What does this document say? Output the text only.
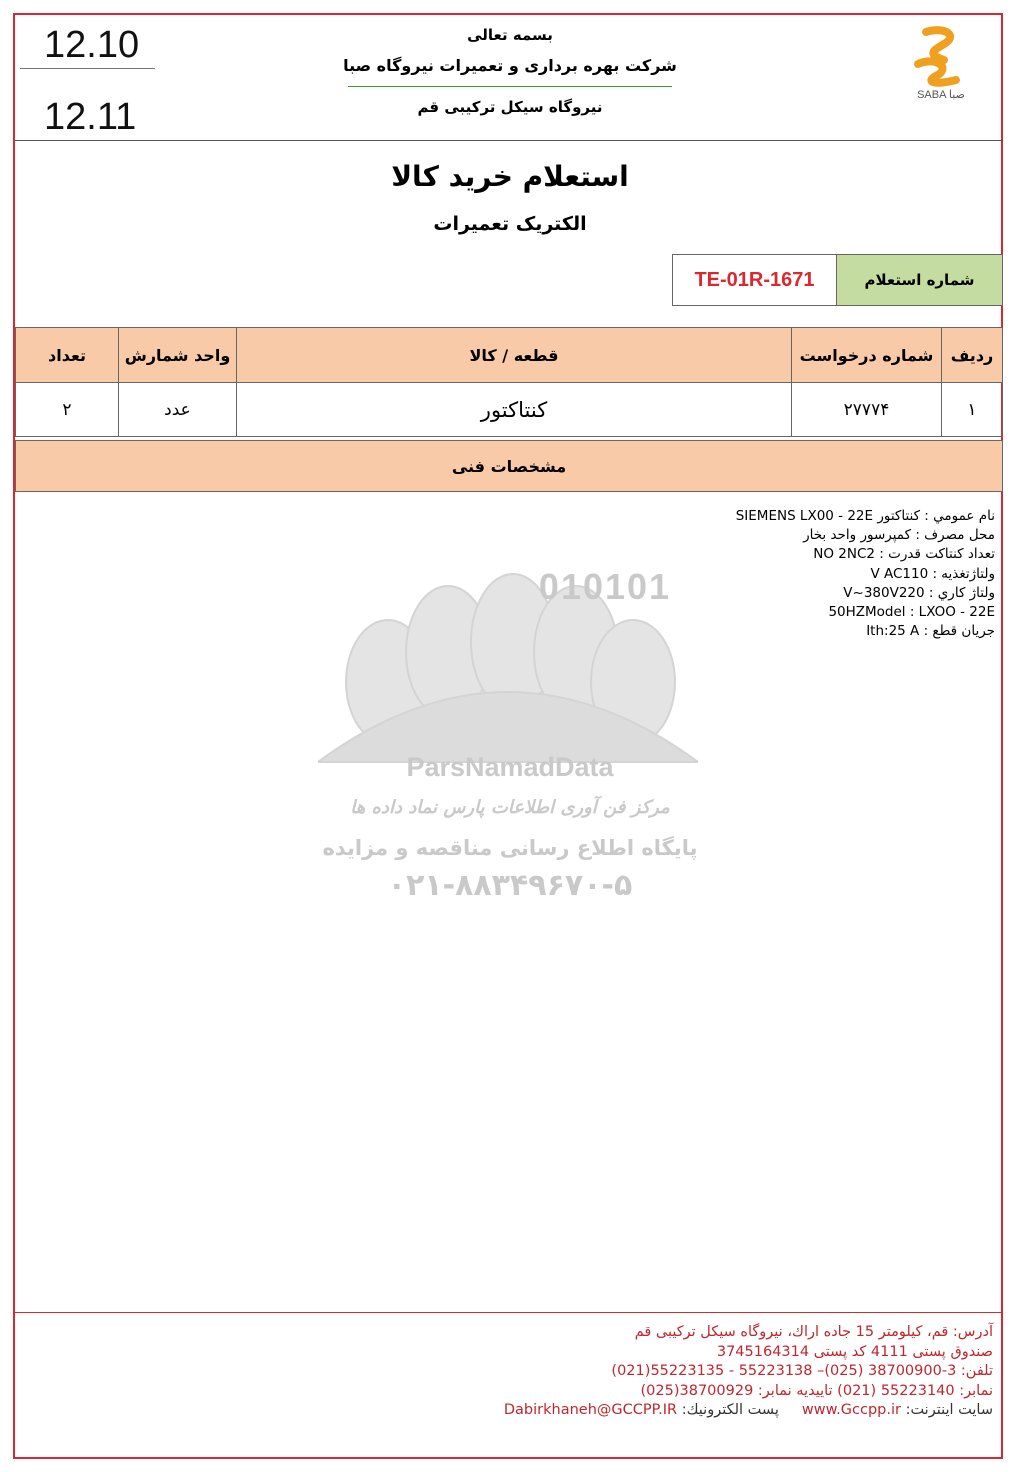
12.10
12.11
بسمه تعالی
شرکت بهره برداری و تعمیرات نیروگاه صبا
نیروگاه سیکل ترکیبی قم
SABA صبا
استعلام خرید کالا
الکتریک تعمیرات
TE-01R-1671	شماره استعلام
ردیف	شماره درخواست	قطعه / کالا	واحد شمارش	تعداد
۱	۲۷۷۷۴	کنتاکتور	عدد	۲
مشخصات فنی
010101
ParsNamadData
مرکز فن آوری اطلاعات پارس نماد داده ها
پایگاه اطلاع رسانی مناقصه و مزایده
۰۲۱-۸۸۳۴۹۶۷۰-۵
نام عمومي : كنتاكتور SIEMENS LX00 - 22E
محل مصرف : كمپرسور واحد بخار
تعداد كنتاكت قدرت : NO 2NC2
ولتاژتغذيه : V AC110
ولتاژ كاري : V~380V220
50HZModel : LXOO - 22E
جريان قطع : Ith:25 A
آدرس: قم، کیلومتر 15 جاده اراك، نیروگاه سیکل ترکیبی قم
صندوق پستی 4111 کد پستی 3745164314
تلفن: 3-38700900 (025)– 55223138 - 55223135(021)
نمابر: 55223140 (021) تاییدیه نمابر: 38700929(025)
سایت اینترنت: www.Gccpp.ir     پست الکترونیك: Dabirkhaneh@GCCPP.IR
